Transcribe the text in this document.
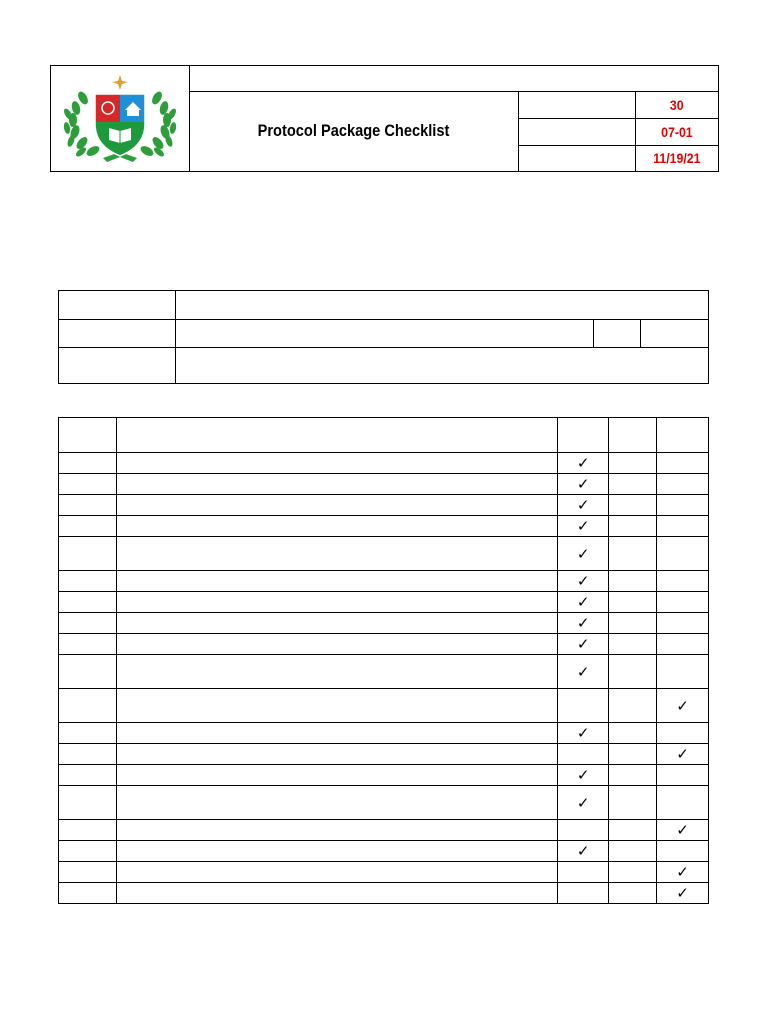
Protocol Package Checklist
30
07-01
11/19/21

		✓		
		✓		
		✓		
		✓		
		✓		
		✓		
		✓		
		✓		
		✓		
		✓		
				✓
		✓		
				✓
		✓		
		✓		
				✓
		✓		
				✓
				✓
